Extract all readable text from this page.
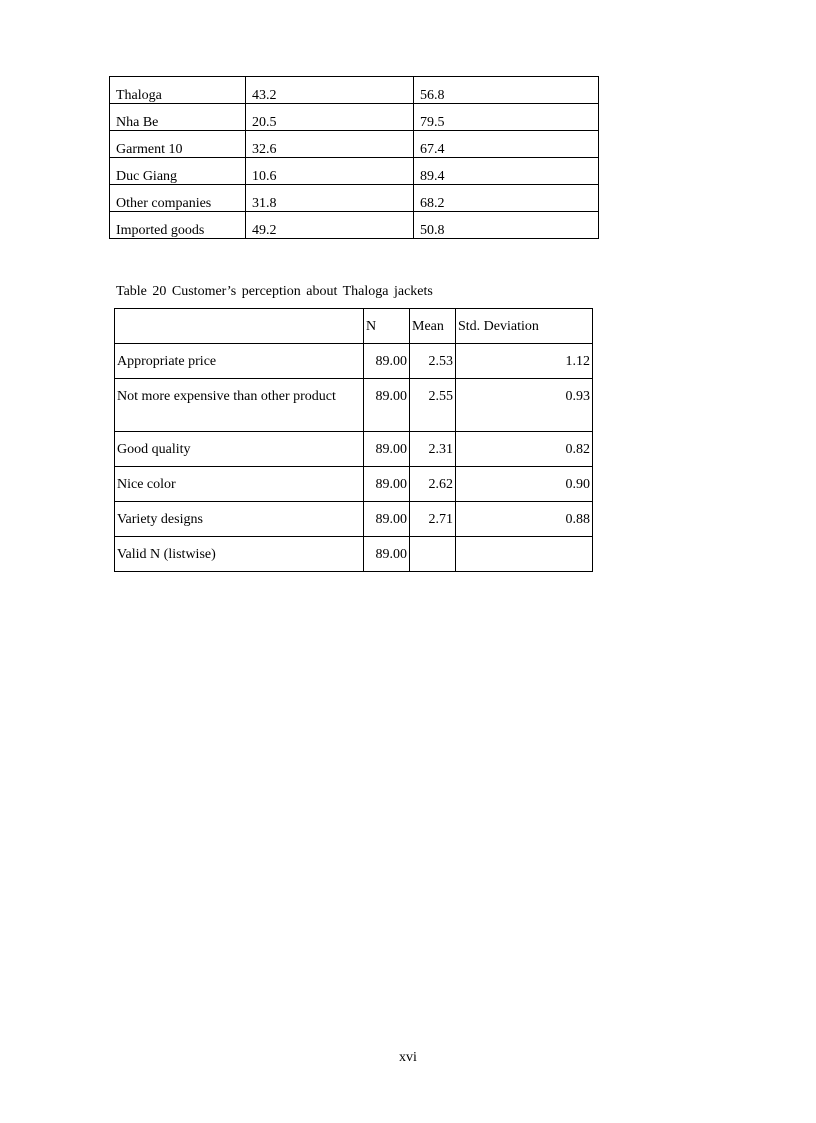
Thaloga	43.2	56.8
Nha Be	20.5	79.5
Garment 10	32.6	67.4
Duc Giang	10.6	89.4
Other companies	31.8	68.2
Imported goods	49.2	50.8
Table 20 Customer’s perception about Thaloga jackets
	N	Mean	Std. Deviation
Appropriate price	89.00	2.53	1.12
Not more expensive than other product	89.00	2.55	0.93
Good quality	89.00	2.31	0.82
Nice color	89.00	2.62	0.90
Variety designs	89.00	2.71	0.88
Valid N (listwise)	89.00		
xvi
